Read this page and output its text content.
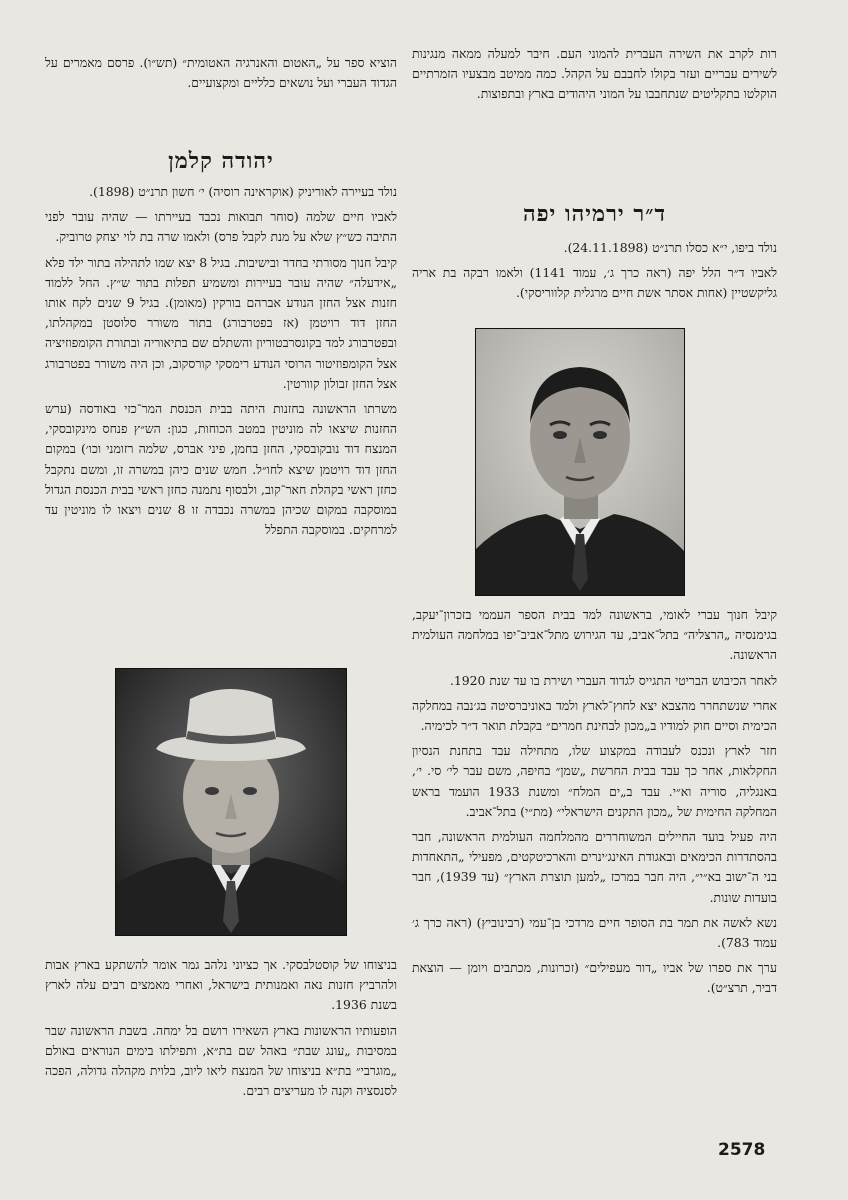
רות לקרב את השירה העברית להמוני העם. חיבר למעלה ממאה מנגינות לשירים עבריים ועזר בקולו לחבבם על הקהל. כמה ממיטב מבצעיו הזמרתיים הוקלטו בתקליטים שנתחבבו על המוני היהודים בארץ ובתפוצות.

ד״ר ירמיהו יפה

נולד ביפו, י״א כסלו תרנ״ט (24.11.1898).

לאביו ד״ר הלל יפה (ראה כרך ג׳, עמוד 1141) ולאמו רבקה בת אריה גליקשטיין (אחות אסתר אשת חיים מרגלית קלווריסקי).

קיבל חנוך עברי לאומי, בראשונה למד בבית הספר העממי בזכרון־יעקב, בגימנסיה „הרצליה״ בתל־אביב, עד הגירוש מתל־אביב־יפו במלחמה העולמית הראשונה.

לאחר הכיבוש הבריטי התגייס לגדוד העברי ושירת בו עד שנת 1920.

אחרי שנשתחרר מהצבא יצא לחוץ־לארץ ולמד באוניברסיטה בג׳נבה במחלקה הכימית וסיים חוק למודיו ב„מכון לבחינת חמרים״ בקבלת תואר ד״ר לכימיה.

חזר לארץ ונכנס לעבודה במקצוע שלו, מתחילה עבד בתחנת הנסיון החקלאות, אחר כך עבד בבית החרשת „שמן״ בחיפה, משם עבר לי׳ סי. י׳, באנגליה, סוריה וא״י. עבד ב„ים המלח״ ומשנת 1933 הועמד בראש המחלקה החימית של „מכון התקנים הישראלי״ (מת״י) בתל־אביב.

היה פעיל בועד החיילים המשוחררים מהמלחמה העולמית הראשונה, חבר בהסתדרות הכימאים ובאגודת האינג׳ינרים והארכיטקטים, מפעילי „התאחדות בני ה־ישוב בא״י״, היה חבר במרכז „למען תוצרת הארץ״ (עד 1939), חבר בועדות שונות.

נשא לאשה את תמר בת הסופר חיים מרדכי בן־עמי (רבינוביץ) (ראה כרך ג׳ עמוד 783).

ערך את ספרו של אביו „דור מעפילים״ (זכרונות, מכתבים ויומן — הוצאת דביר, תרצ״ט).

הוציא ספר על „האטום והאנרגיה האטומית״ (תש״ו). פרסם מאמרים על הגדוד העברי ועל נושאים כלליים ומקצועיים.

יהודה קלמן

נולד בעיירה לאוריניק (אוקראינה רוסיה) י׳ חשון תרנ״ט (1898).

לאביו חיים שלמה (סוחר תבואות נכבד בעיירתו — שהיה עובר לפני התיבה כש״ץ שלא על מנת לקבל פרס) ולאמו שרה בת לוי יצחק טרוביק.

קיבל חנוך מסורתי בחדר ובישיבות. בגיל 8 יצא שמו לתהילה בתור ילד פלא „אידעלה״ שהיה עובר בעיירות ומשמיע תפלות בתור ש״ץ. החל ללמוד חזנות אצל החזן הנודע אברהם בורקין (מאומן). בגיל 9 שנים לקח אותו החזן דוד רויטמן (אז בפטרבורג) בתור משורר סלוסטן במקהלתו, ובפטרבורג למד בקונסרבטוריון והשתלם שם בתיאוריה ובתורת הקומפוזיציה אצל הקומפוזיטור הרוסי הנודע רימסקי קורסקוב, וכן היה משורר בפטרבורג אצל החזן זבולון קוורטין.

משרתו הראשונה בחזנות היתה בבית הכנסת המר־כזי באודסה (ערש החזנות שיצאו לה מוניטין במטב הכוחות, כגון: הש״ץ פנחס מינקובסקי, המנצח דוד נובקובסקי, החזן בחמן, פיני אברס, שלמה רזומני וכו׳) במקום החזן דוד רויטמן שיצא לחו״ל. חמש שנים כיהן במשרה זו, ומשם נתקבל כחזן ראשי בקהלת חאר־קוב, ולבסוף נתמנה כחזן ראשי בבית הכנסת הגדול במוסקבה במקום שכיהן במשרה נכבדה זו 8 שנים ויצאו לו מוניטין עד למרחקים. במוסקבה התפלל

בניצוחו של קוסטלבסקי. אך כציוני נלהב גמר אומר להשתקע בארץ אבות ולהרביץ חזנות נאה ואמנותית בישראל, ואחרי מאמצים רבים עלה לארץ בשנת 1936.

הופעותיו הראשונות בארץ השאירו רושם בל ימחה. בשבת הראשונה שבר במסיבות „עונג שבת״ באהל שם בת״א, ותפילתו בימים הנוראים באולם „מוגרבי״ בת״א בניצוחו של המנצח ליאו ליוב, בלוית מקהלה גדולה, הפכה לסנסציה וקנה לו מעריצים רבים.

2578
